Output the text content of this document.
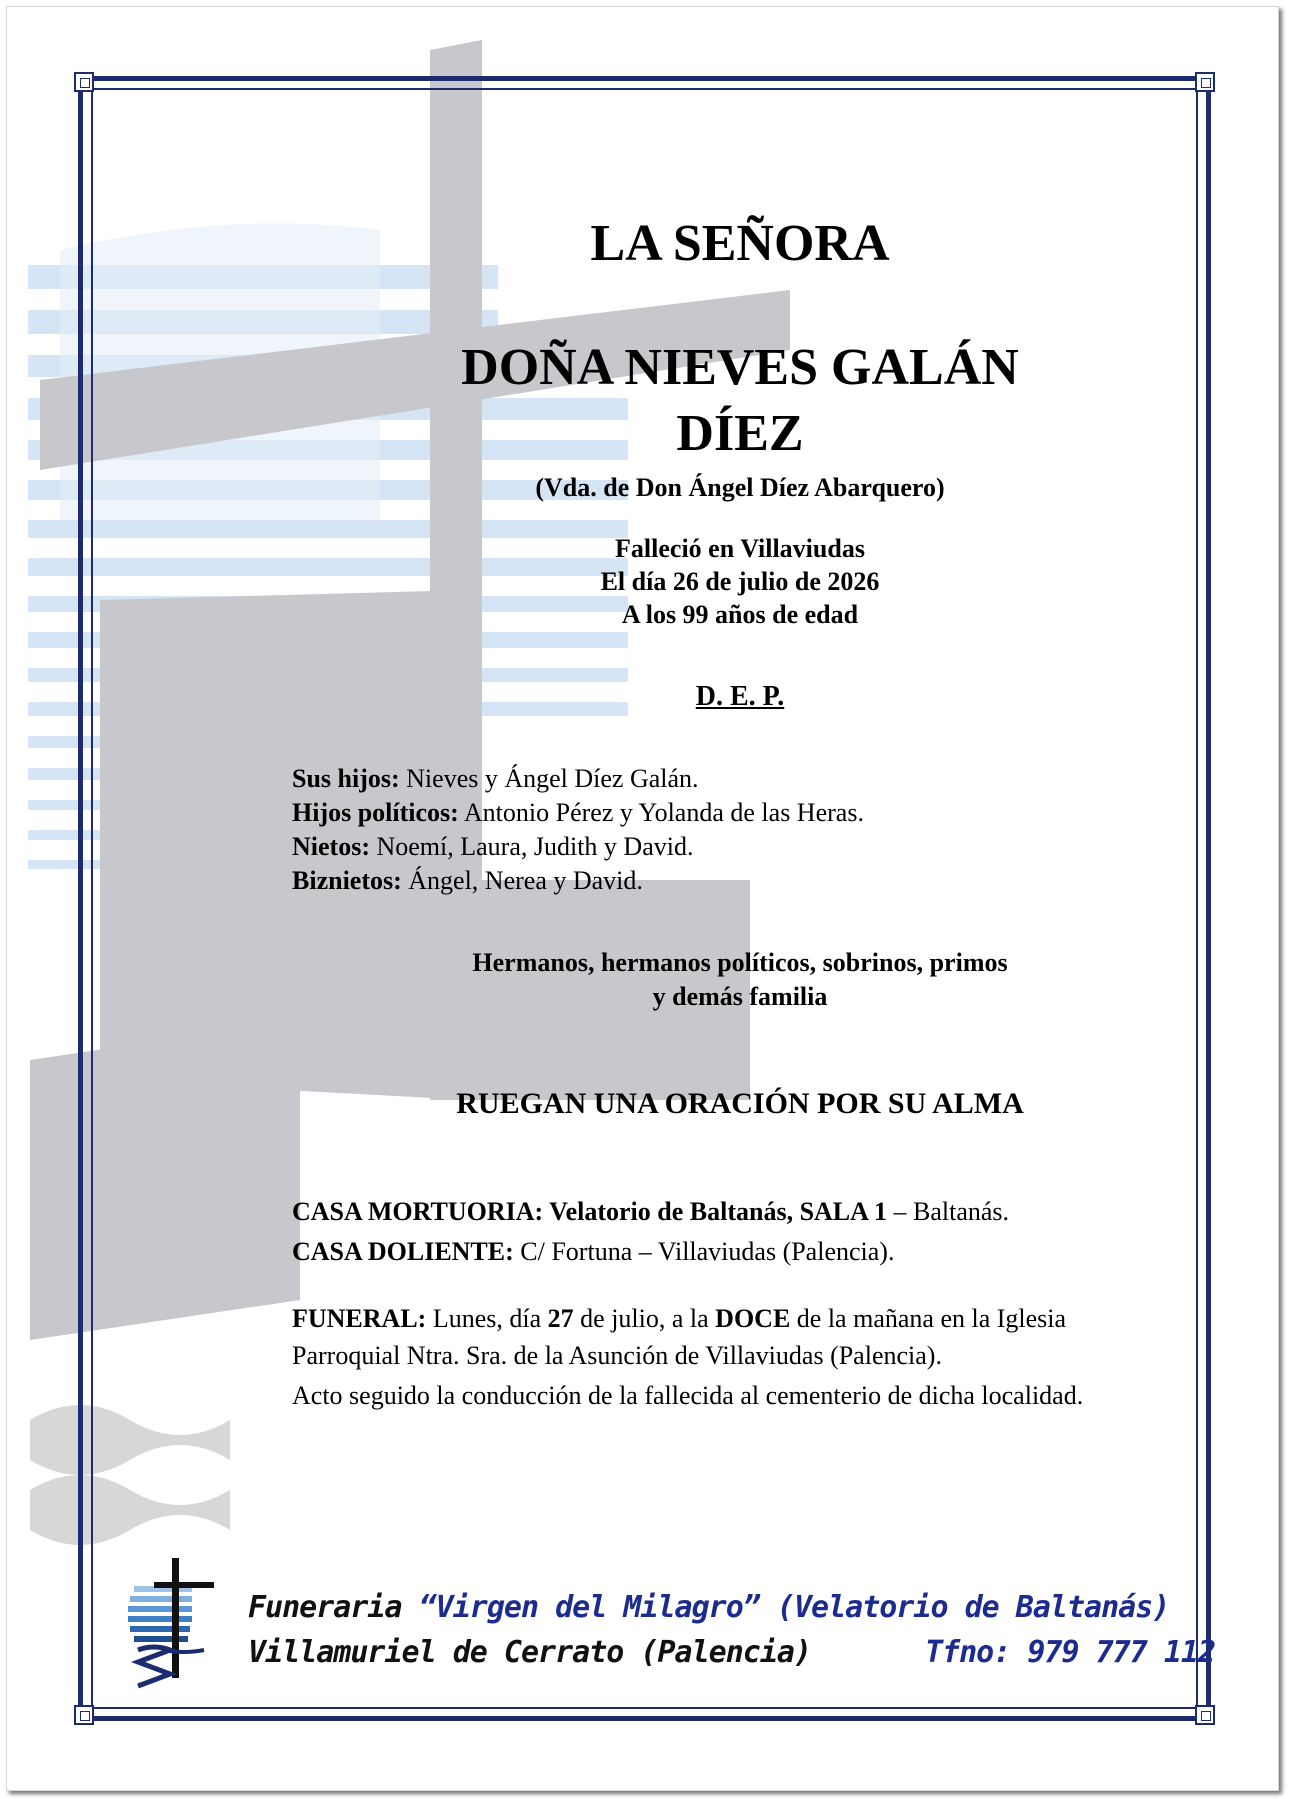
LA SEÑORA
DOÑA NIEVES GALÁN
DÍEZ
(Vda. de Don Ángel Díez Abarquero)
Falleció en Villaviudas
El día 26 de julio de 2026
A los 99 años de edad
D. E. P.
Sus hijos: Nieves y Ángel Díez Galán.
Hijos políticos: Antonio Pérez y Yolanda de las Heras.
Nietos: Noemí, Laura, Judith y David.
Biznietos: Ángel, Nerea y David.
Hermanos, hermanos políticos, sobrinos, primos
y demás familia
RUEGAN UNA ORACIÓN POR SU ALMA
CASA MORTUORIA: Velatorio de Baltanás, SALA 1 – Baltanás.
CASA DOLIENTE: C/ Fortuna – Villaviudas (Palencia).
FUNERAL: Lunes, día 27 de julio, a la DOCE de la mañana en la Iglesia
Parroquial Ntra. Sra. de la Asunción de Villaviudas (Palencia).
Acto seguido la conducción de la fallecida al cementerio de dicha localidad.
Funeraria “Virgen del Milagro” (Velatorio de Baltanás)
Villamuriel de Cerrato (Palencia)	Tfno: 979 777 112
